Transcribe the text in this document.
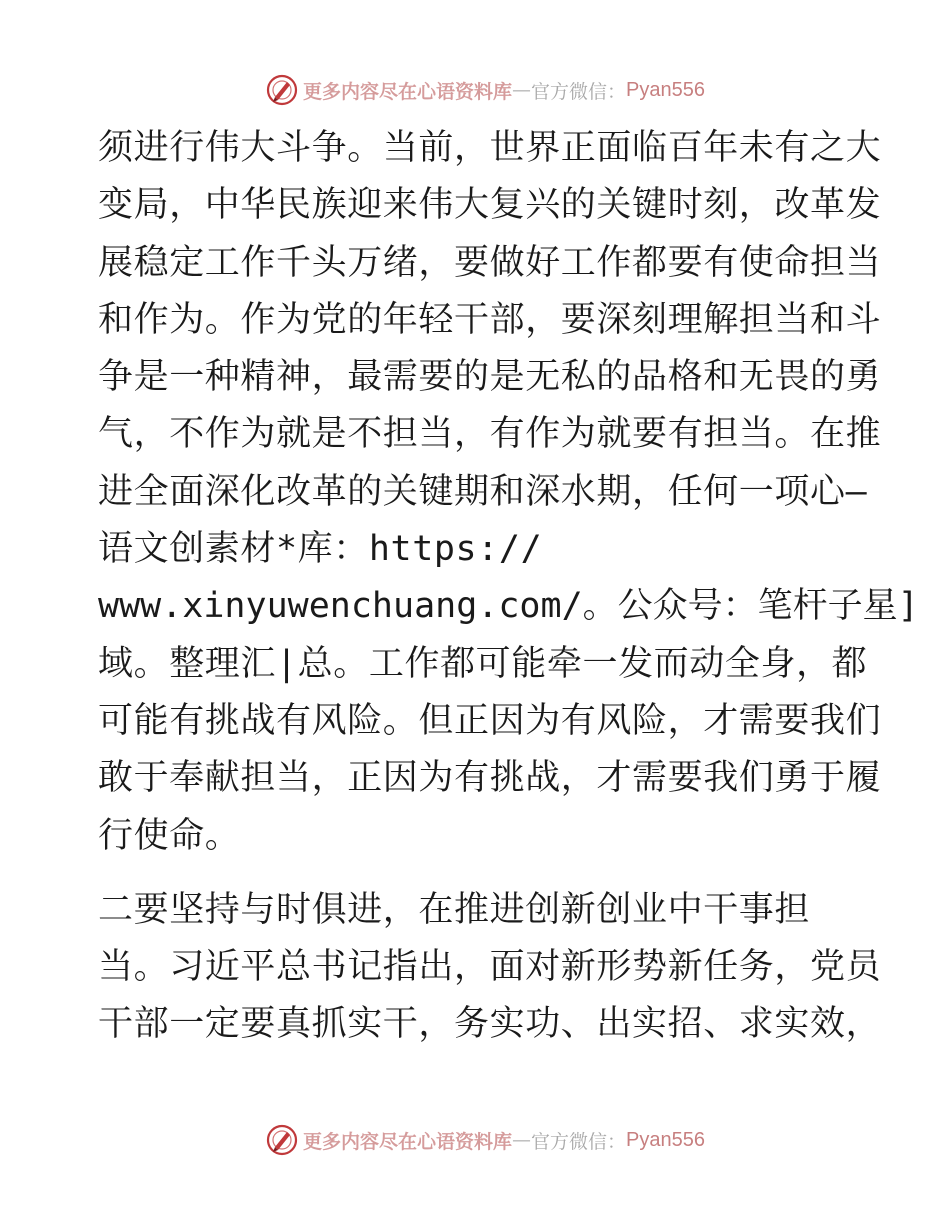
更多内容尽在心语资料库 — 官方微信： Pyan556
须进行伟大斗争。当前，世界正面临百年未有之大
变局，中华民族迎来伟大复兴的关键时刻，改革发
展稳定工作千头万绪，要做好工作都要有使命担当
和作为。作为党的年轻干部，要深刻理解担当和斗
争是一种精神，最需要的是无私的品格和无畏的勇
气，不作为就是不担当，有作为就要有担当。在推
进全面深化改革的关键期和深水期，任何一项心—
语文创素材*库：https://
www.xinyuwenchuang.com/。公众号：笔杆子星]
域。整理汇|总。工作都可能牵一发而动全身，都
可能有挑战有风险。但正因为有风险，才需要我们
敢于奉献担当，正因为有挑战，才需要我们勇于履
行使命。
二要坚持与时俱进，在推进创新创业中干事担
当。习近平总书记指出，面对新形势新任务，党员
干部一定要真抓实干，务实功、出实招、求实效，
更多内容尽在心语资料库 — 官方微信： Pyan556
